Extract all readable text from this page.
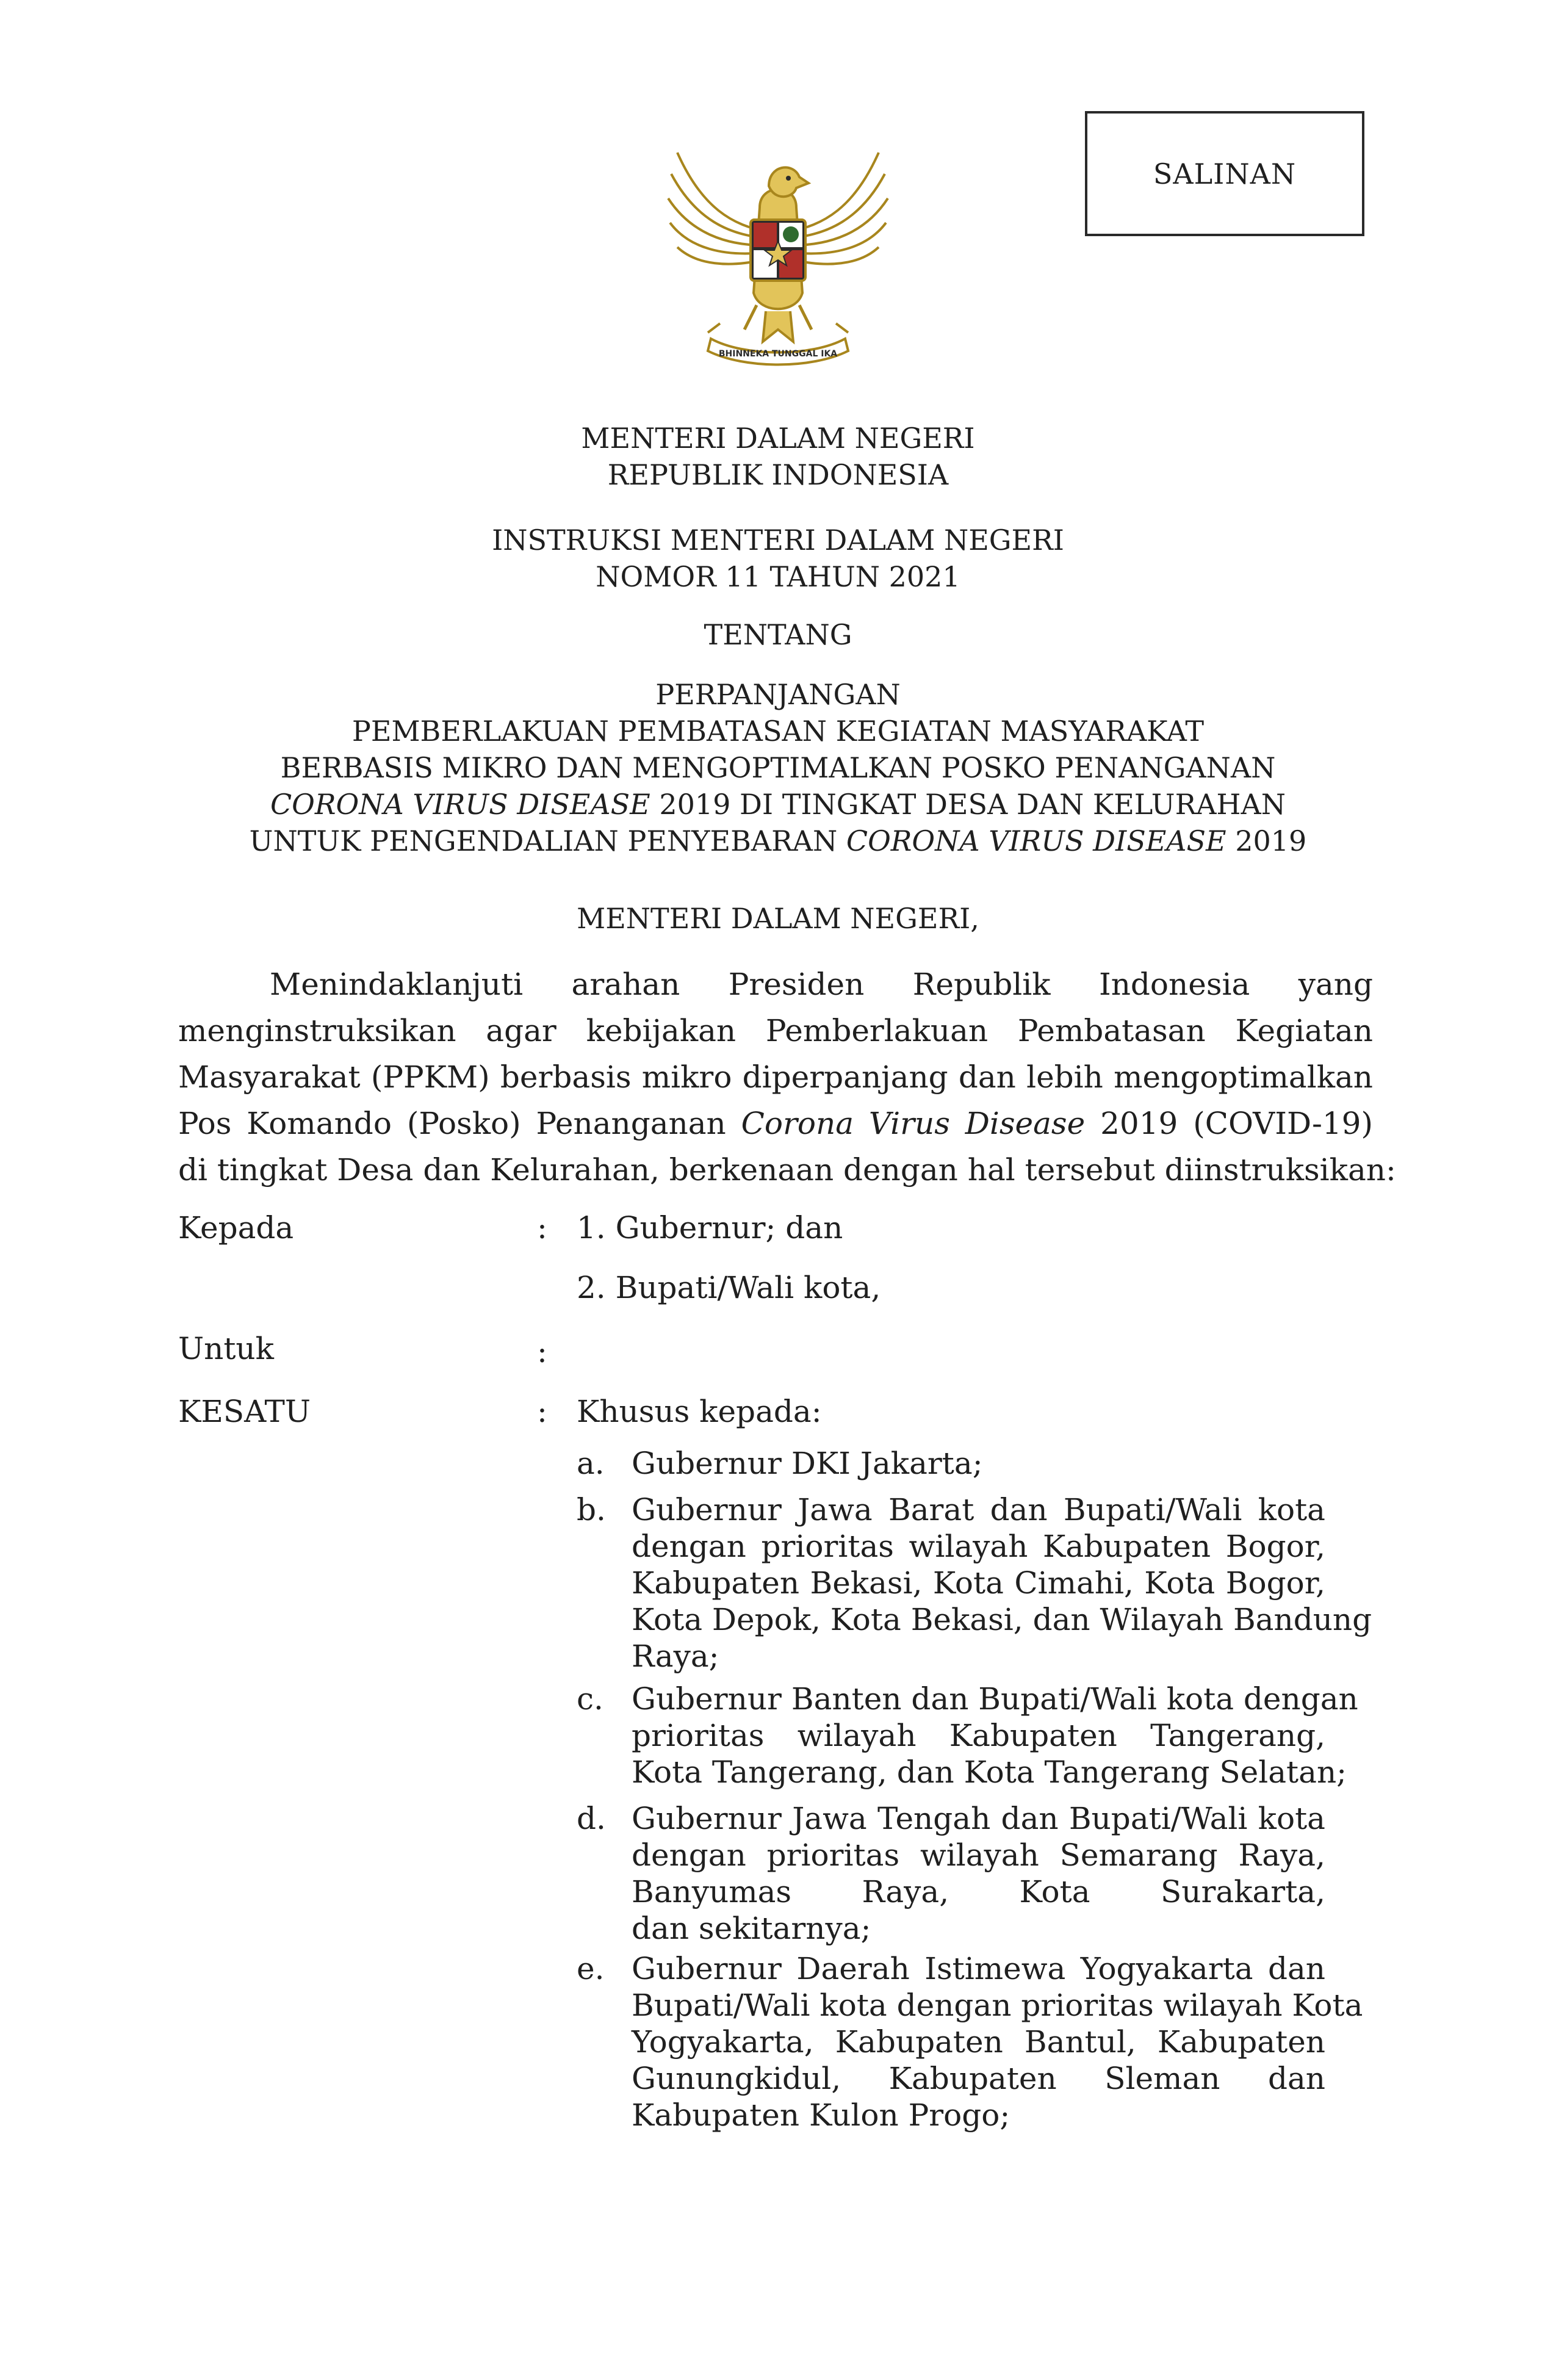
SALINAN
BHINNEKA TUNGGAL IKA
MENTERI DALAM NEGERI
REPUBLIK INDONESIA
INSTRUKSI MENTERI DALAM NEGERI
NOMOR 11 TAHUN 2021
TENTANG
PERPANJANGAN
PEMBERLAKUAN PEMBATASAN KEGIATAN MASYARAKAT
BERBASIS MIKRO DAN MENGOPTIMALKAN POSKO PENANGANAN
CORONA VIRUS DISEASE 2019 DI TINGKAT DESA DAN KELURAHAN
UNTUK PENGENDALIAN PENYEBARAN CORONA VIRUS DISEASE 2019
MENTERI DALAM NEGERI,
Menindaklanjuti arahan Presiden Republik Indonesia yang
menginstruksikan agar kebijakan Pemberlakuan Pembatasan Kegiatan
Masyarakat (PPKM) berbasis mikro diperpanjang dan lebih mengoptimalkan
Pos Komando (Posko) Penanganan Corona Virus Disease 2019 (COVID-19)
di tingkat Desa dan Kelurahan, berkenaan dengan hal tersebut diinstruksikan:
Kepada	: 1. Gubernur; dan
2. Bupati/Wali kota,
Untuk	:
KESATU	: Khusus kepada:
a. Gubernur DKI Jakarta;
b. Gubernur Jawa Barat dan Bupati/Wali kota
dengan prioritas wilayah Kabupaten Bogor,
Kabupaten Bekasi, Kota Cimahi, Kota Bogor,
Kota Depok, Kota Bekasi, dan Wilayah Bandung
Raya;
c. Gubernur Banten dan Bupati/Wali kota dengan
prioritas wilayah Kabupaten Tangerang,
Kota Tangerang, dan Kota Tangerang Selatan;
d. Gubernur Jawa Tengah dan Bupati/Wali kota
dengan prioritas wilayah Semarang Raya,
Banyumas Raya, Kota Surakarta,
dan sekitarnya;
e. Gubernur Daerah Istimewa Yogyakarta dan
Bupati/Wali kota dengan prioritas wilayah Kota
Yogyakarta, Kabupaten Bantul, Kabupaten
Gunungkidul, Kabupaten Sleman dan
Kabupaten Kulon Progo;
